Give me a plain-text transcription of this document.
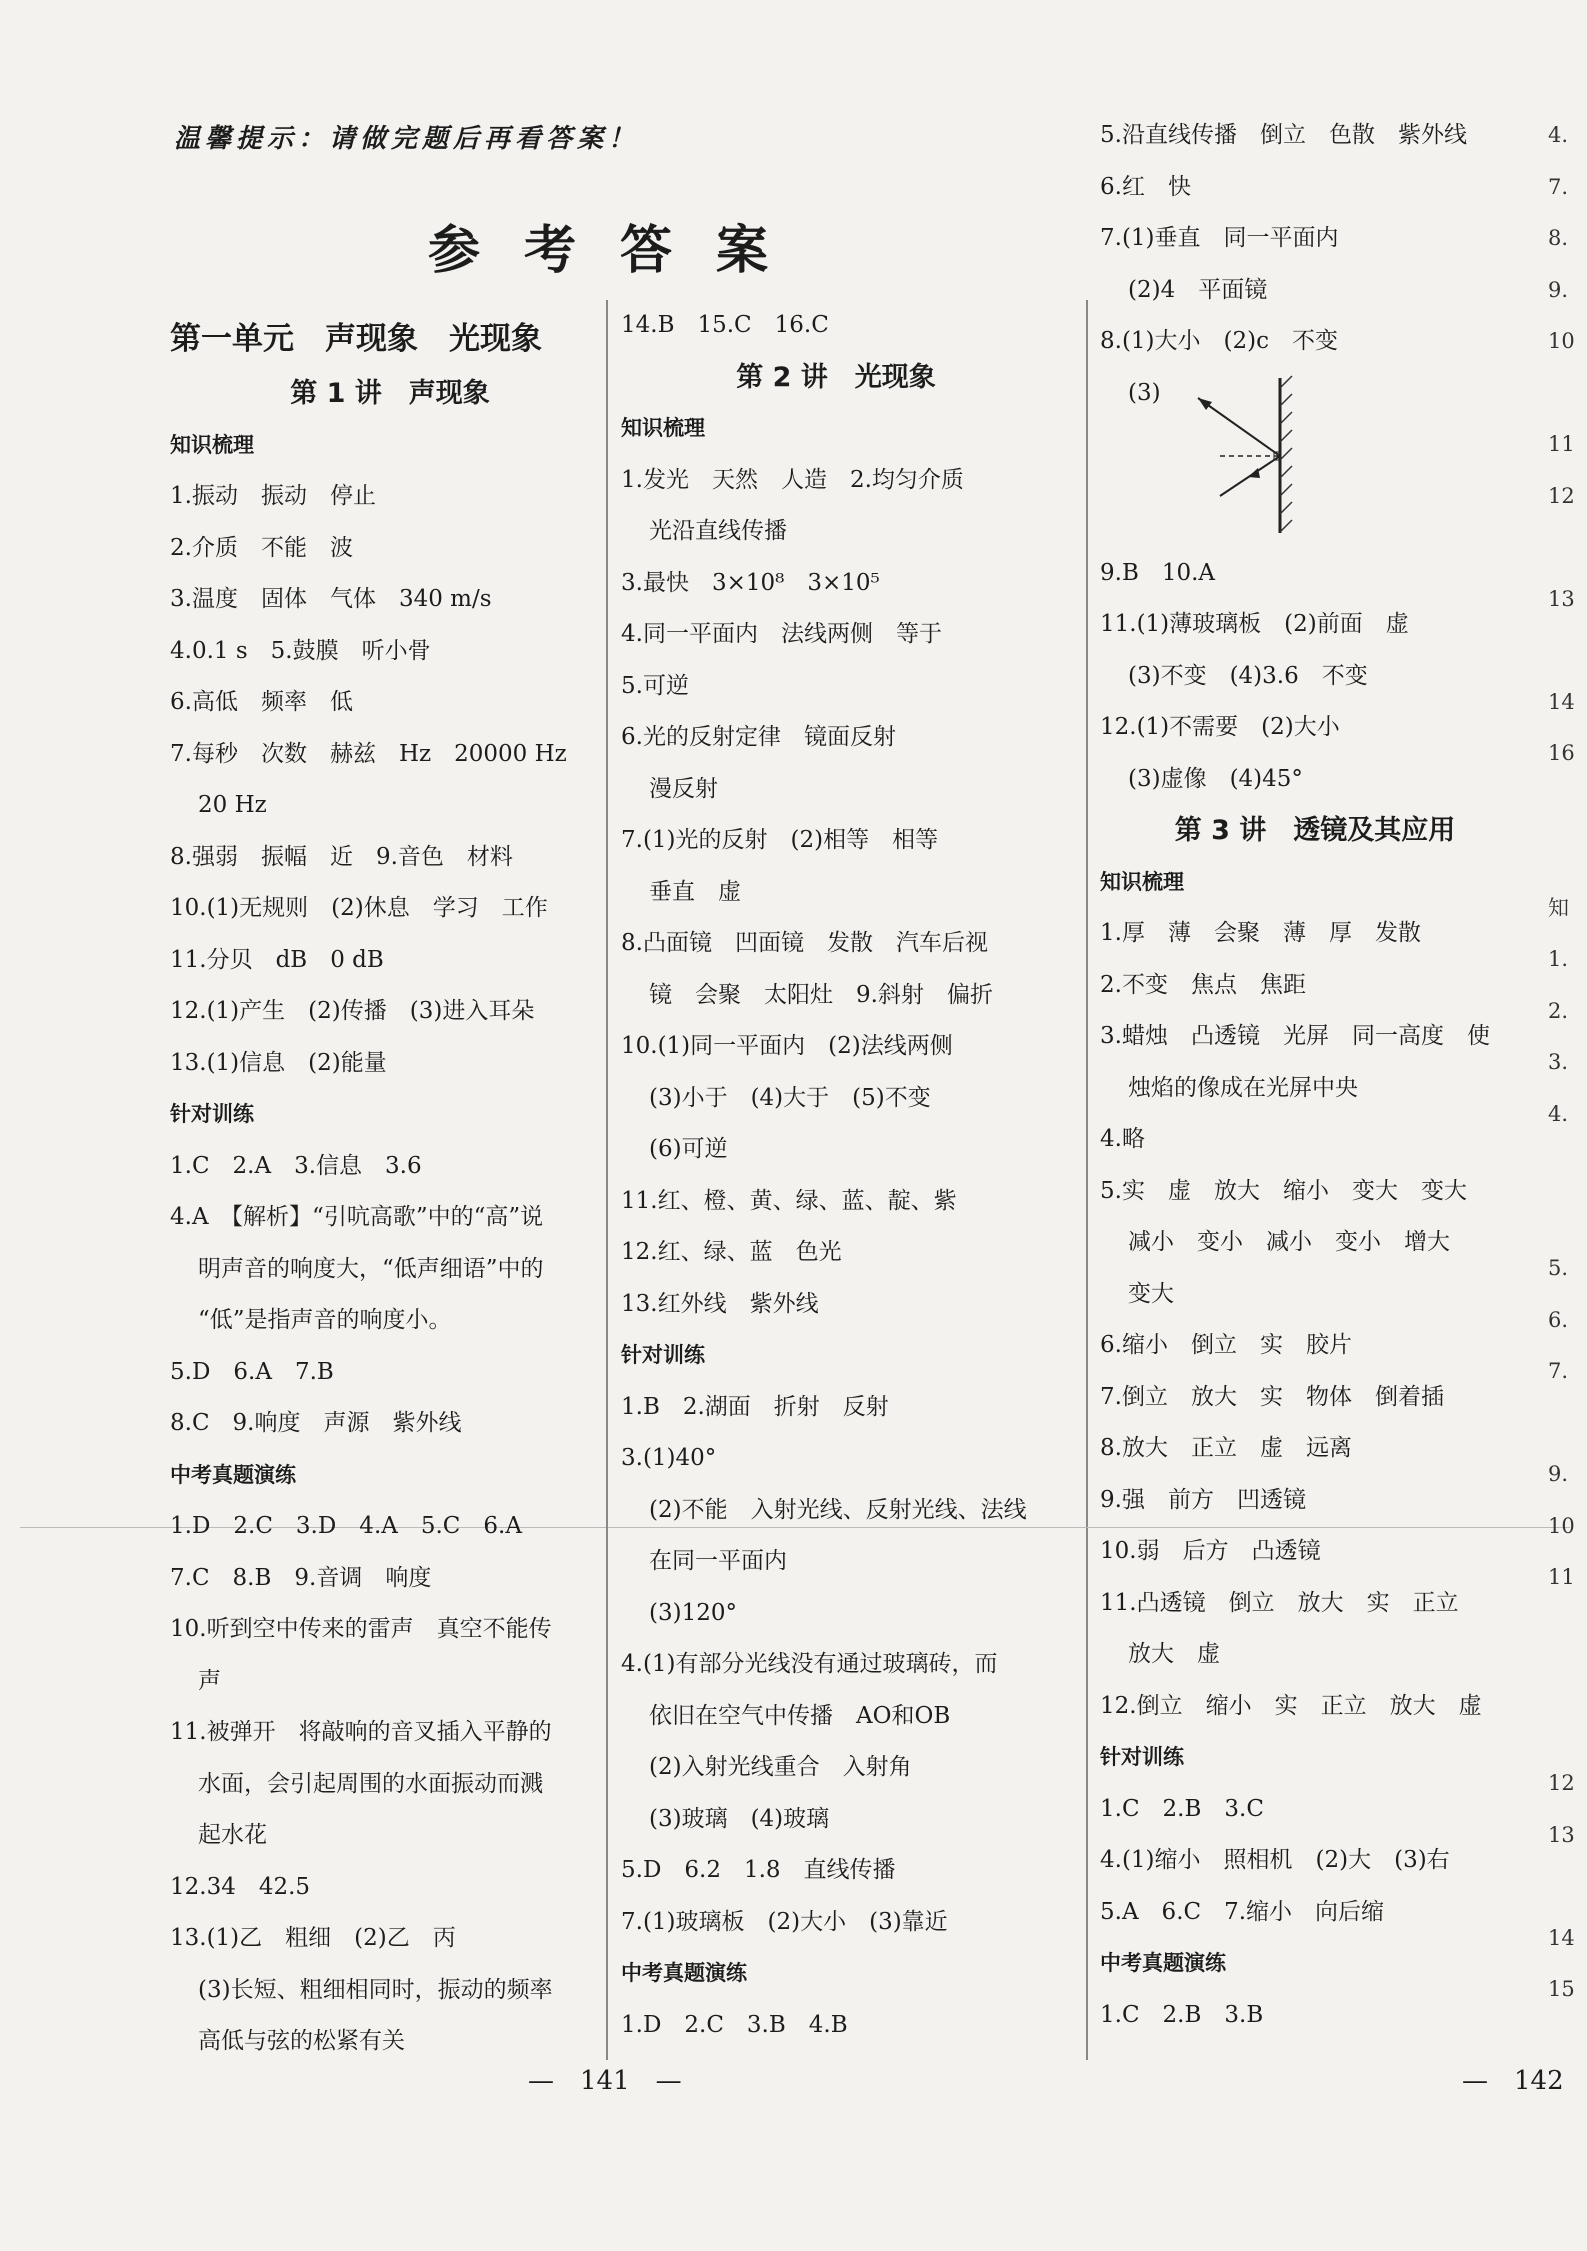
温馨提示：请做完题后再看答案！
参考答案
第一单元　声现象　光现象
第 1 讲　声现象
知识梳理
1.振动　振动　停止
2.介质　不能　波
3.温度　固体　气体　340 m/s
4.0.1 s　5.鼓膜　听小骨
6.高低　频率　低
7.每秒　次数　赫兹　Hz　20000 Hz
20 Hz
8.强弱　振幅　近　9.音色　材料
10.(1)无规则　(2)休息　学习　工作
11.分贝　dB　0 dB
12.(1)产生　(2)传播　(3)进入耳朵
13.(1)信息　(2)能量
针对训练
1.C　2.A　3.信息　3.6
4.A　【解析】“引吭高歌”中的“高”说
明声音的响度大，“低声细语”中的
“低”是指声音的响度小。
5.D　6.A　7.B
8.C　9.响度　声源　紫外线
中考真题演练
1.D　2.C　3.D　4.A　5.C　6.A
7.C　8.B　9.音调　响度
10.听到空中传来的雷声　真空不能传
声
11.被弹开　将敲响的音叉插入平静的
水面，会引起周围的水面振动而溅
起水花
12.34　42.5
13.(1)乙　粗细　(2)乙　丙
(3)长短、粗细相同时，振动的频率
高低与弦的松紧有关
14.B　15.C　16.C
第 2 讲　光现象
知识梳理
1.发光　天然　人造　2.均匀介质
光沿直线传播
3.最快　3×10⁸　3×10⁵
4.同一平面内　法线两侧　等于
5.可逆
6.光的反射定律　镜面反射
漫反射
7.(1)光的反射　(2)相等　相等
垂直　虚
8.凸面镜　凹面镜　发散　汽车后视
镜　会聚　太阳灶　9.斜射　偏折
10.(1)同一平面内　(2)法线两侧
(3)小于　(4)大于　(5)不变
(6)可逆
11.红、橙、黄、绿、蓝、靛、紫
12.红、绿、蓝　色光
13.红外线　紫外线
针对训练
1.B　2.湖面　折射　反射
3.(1)40°
(2)不能　入射光线、反射光线、法线
在同一平面内
(3)120°
4.(1)有部分光线没有通过玻璃砖，而
依旧在空气中传播　AO和OB
(2)入射光线重合　入射角
(3)玻璃　(4)玻璃
5.D　6.2　1.8　直线传播
7.(1)玻璃板　(2)大小　(3)靠近
中考真题演练
1.D　2.C　3.B　4.B
5.沿直线传播　倒立　色散　紫外线
6.红　快
7.(1)垂直　同一平面内
(2)4　平面镜
8.(1)大小　(2)c　不变
(3)
9.B　10.A
11.(1)薄玻璃板　(2)前面　虚
(3)不变　(4)3.6　不变
12.(1)不需要　(2)大小
(3)虚像　(4)45°
第 3 讲　透镜及其应用
知识梳理
1.厚　薄　会聚　薄　厚　发散
2.不变　焦点　焦距
3.蜡烛　凸透镜　光屏　同一高度　使
烛焰的像成在光屏中央
4.略
5.实　虚　放大　缩小　变大　变大
减小　变小　减小　变小　增大
变大
6.缩小　倒立　实　胶片
7.倒立　放大　实　物体　倒着插
8.放大　正立　虚　远离
9.强　前方　凹透镜
10.弱　后方　凸透镜
11.凸透镜　倒立　放大　实　正立
放大　虚
12.倒立　缩小　实　正立　放大　虚
针对训练
1.C　2.B　3.C
4.(1)缩小　照相机　(2)大　(3)右
5.A　6.C　7.缩小　向后缩
中考真题演练
1.C　2.B　3.B
4.
7.
8.
9.
10

11
12

13

14
16

知
1.
2.
3.
4.

5.
6.
7.

9.
10
11

12
13

14
15
—　141　—	—　142
